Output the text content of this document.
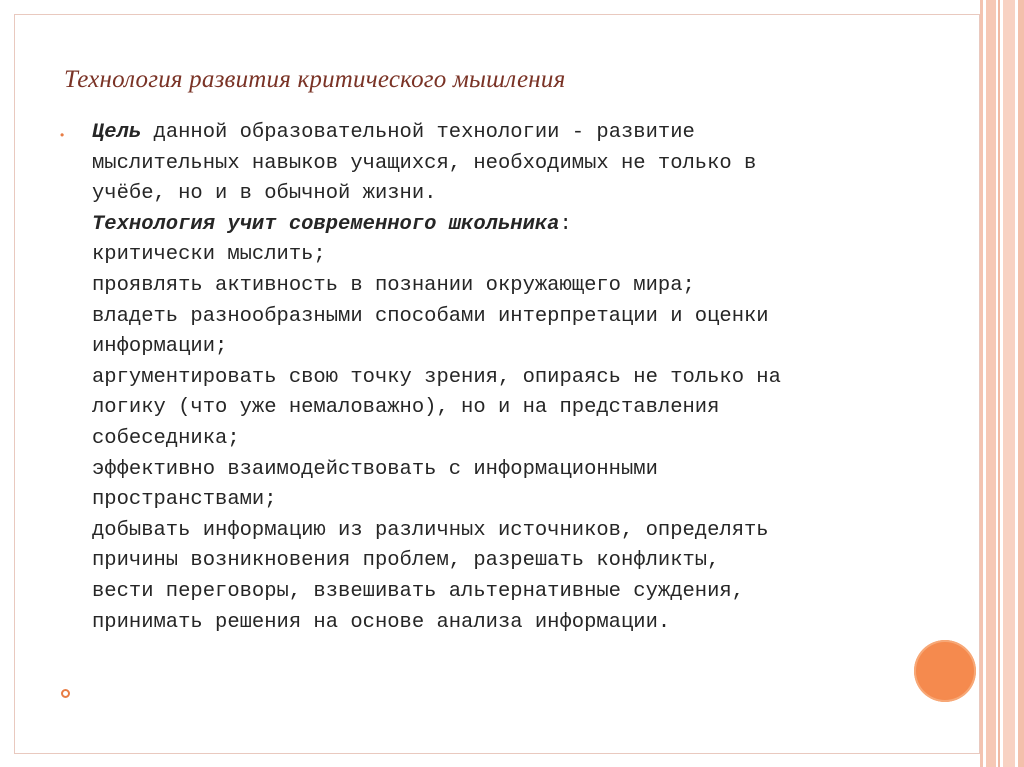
Технология развития критического мышления
• Цель данной образовательной технологии - развитие
мыслительных навыков учащихся, необходимых не только в
учёбе, но и в обычной жизни.
Технология учит современного школьника:
критически мыслить;
проявлять активность в познании окружающего мира;
владеть разнообразными способами интерпретации и оценки
информации;
аргументировать свою точку зрения, опираясь не только на
логику (что уже немаловажно), но и на представления
собеседника;
эффективно взаимодействовать с информационными
пространствами;
добывать информацию из различных источников, определять
причины возникновения проблем, разрешать конфликты,
вести переговоры, взвешивать альтернативные суждения,
принимать решения на основе анализа информации.
